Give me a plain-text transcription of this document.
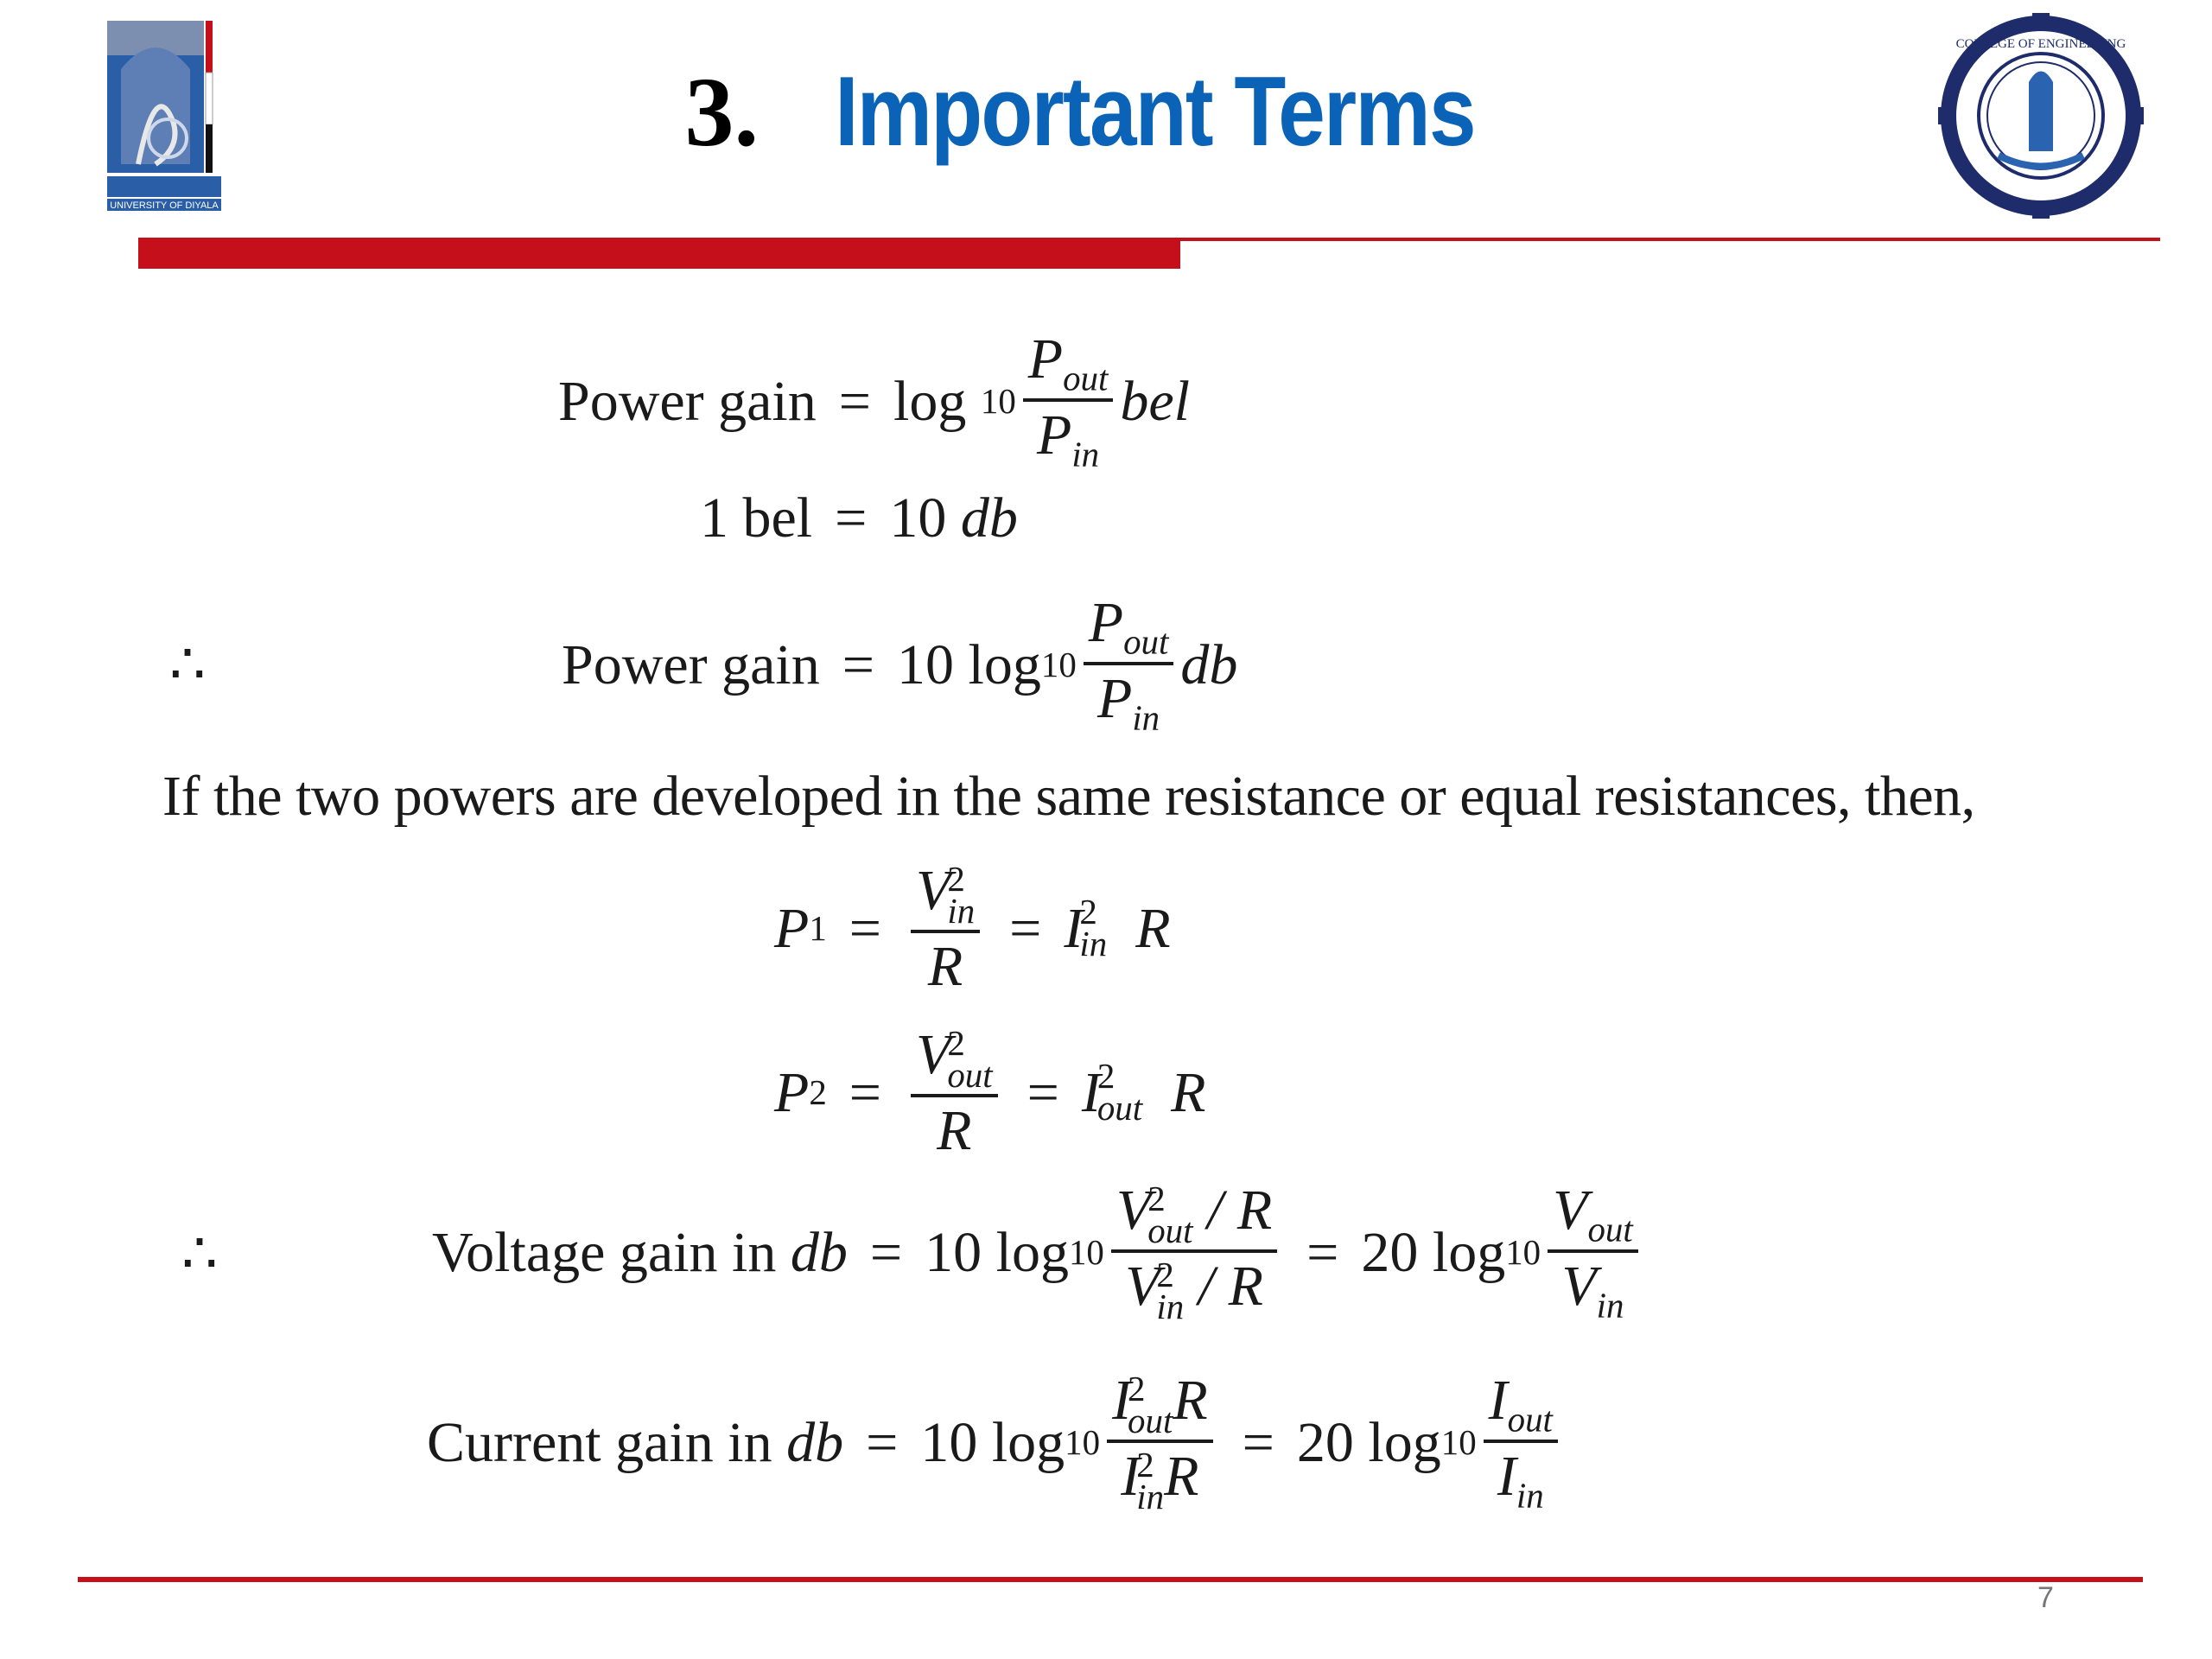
UNIVERSITY OF DIYALA
3. Important Terms
COLLEGE OF ENGINEERING
Power gain = log
$10 \frac{P_{out}}{P_{in}}$ bel
1 bel = 10
db
∴	Power gain = 10 $\log 10 \frac{P_{out}}{P_{in}}$ db
If the two powers are developed in the same resistance or equal resistances, then,
P 1 = V
2
in
R = I
2
in
R
P 2 = V
2
out
R = I
2
out
R
∴	Voltage gain in
db = 10 log 10 V
2
out / R
V
2
in / R = 20 $\log 10 \frac{V_{out}}{V_{in}}$
Current gain in
db = 10 log 10 I
2
out R
I
2
in R = 20 $\log 10 \frac{I_{out}}{I_{in}}$
7
